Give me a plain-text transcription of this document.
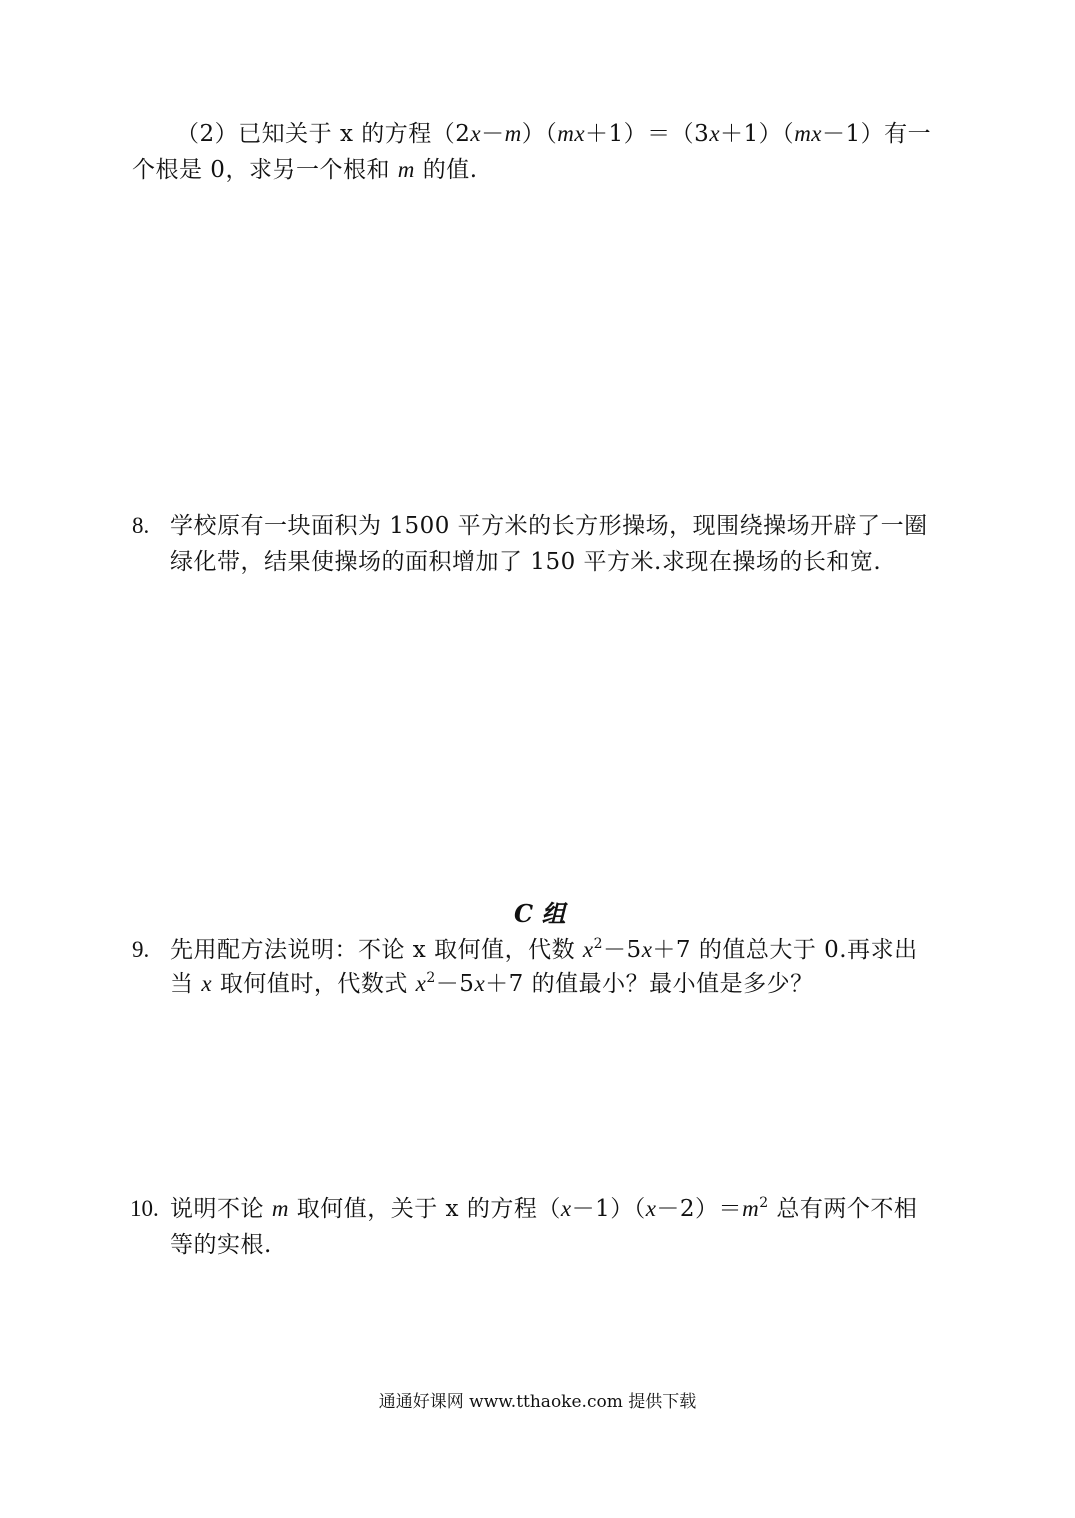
（2）已知关于 x 的方程（2x－m）（mx＋1）＝（3x＋1）（mx－1）有一
个根是 0，求另一个根和 m 的值.
8. 学校原有一块面积为 1500 平方米的长方形操场，现围绕操场开辟了一圈
绿化带，结果使操场的面积增加了 150 平方米.求现在操场的长和宽.
C 组
9. 先用配方法说明：不论 x 取何值，代数 $x^2-5x+7$ 的值总大于 0.再求出
当 x 取何值时，代数式 $x^2-5x+7$ 的值最小？最小值是多少？
10. 说明不论 m 取何值，关于 x 的方程$(x-1)(x-2)=m^2$ 总有两个不相
等的实根.
通通好课网 www.tthaoke.com 提供下载
